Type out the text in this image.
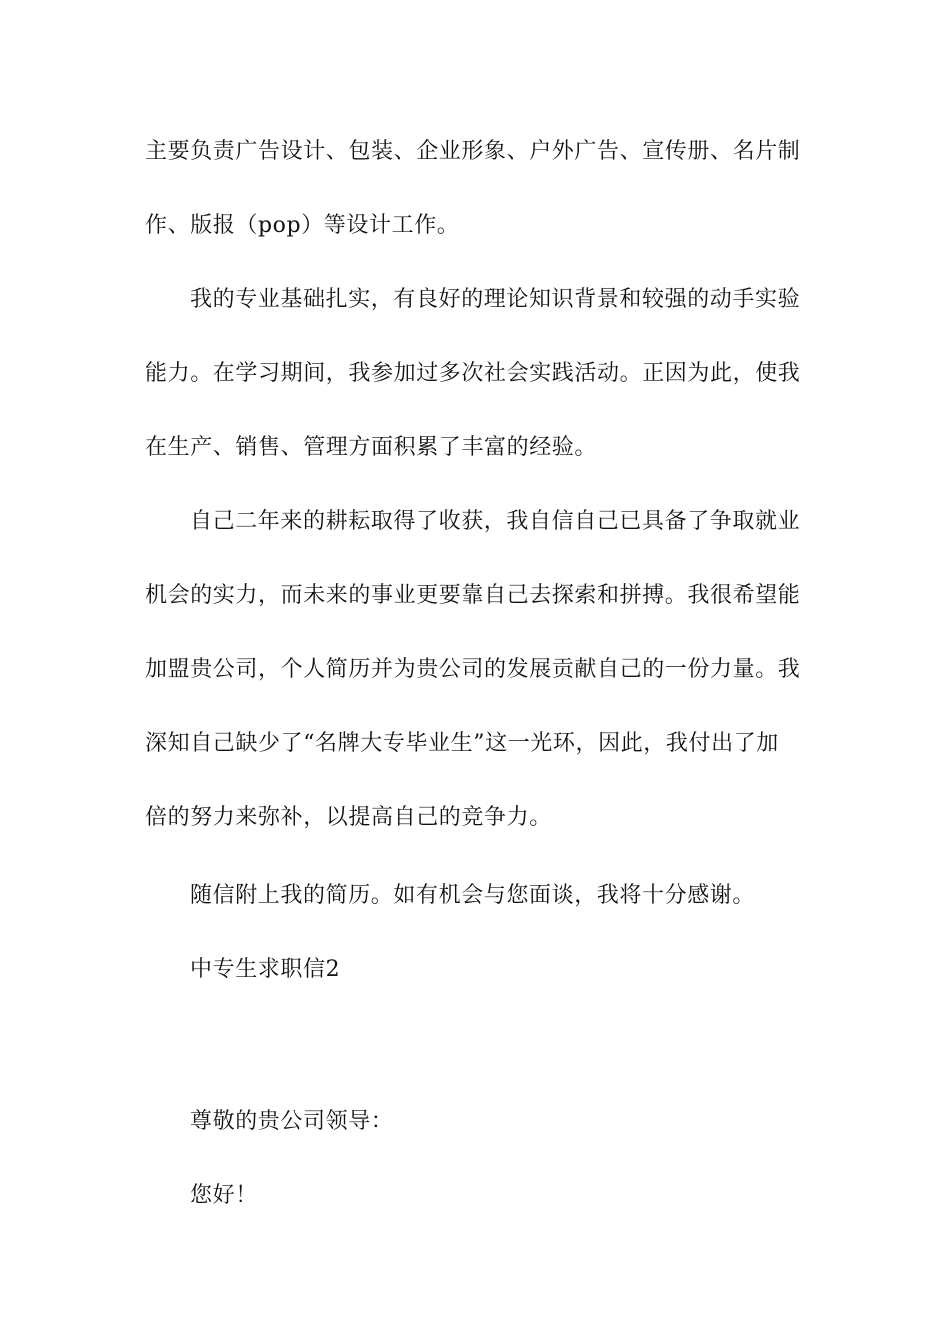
主要负责广告设计、包装、企业形象、户外广告、宣传册、名片制
作、版报（pop）等设计工作。
我的专业基础扎实，有良好的理论知识背景和较强的动手实验
能力。在学习期间，我参加过多次社会实践活动。正因为此，使我
在生产、销售、管理方面积累了丰富的经验。
自己二年来的耕耘取得了收获，我自信自己已具备了争取就业
机会的实力，而未来的事业更要靠自己去探索和拼搏。我很希望能
加盟贵公司，个人简历并为贵公司的发展贡献自己的一份力量。我
深知自己缺少了“名牌大专毕业生”这一光环，因此，我付出了加
倍的努力来弥补，以提高自己的竞争力。
随信附上我的简历。如有机会与您面谈，我将十分感谢。
中专生求职信2
尊敬的贵公司领导：
您好！
